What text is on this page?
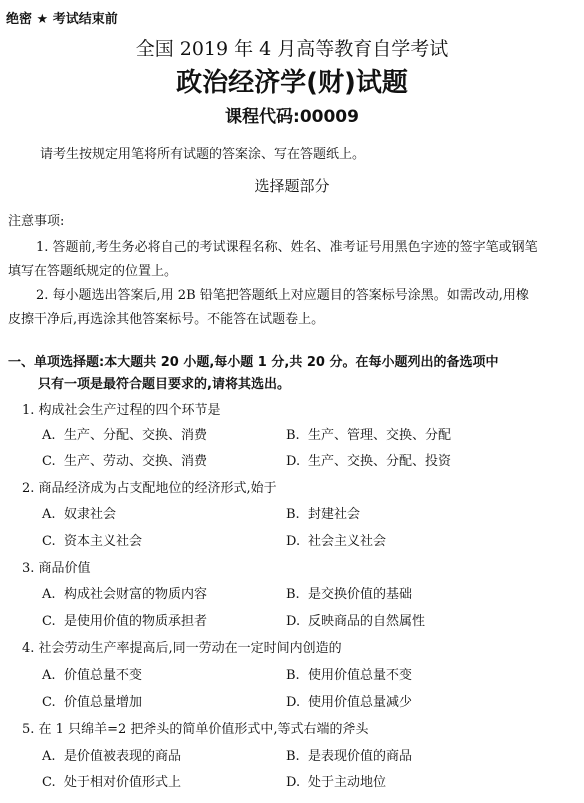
绝密 ★ 考试结束前
全国 2019 年 4 月高等教育自学考试
政治经济学(财)试题
课程代码:00009
请考生按规定用笔将所有试题的答案涂、写在答题纸上。
选择题部分
注意事项:
1. 答题前,考生务必将自己的考试课程名称、姓名、准考证号用黑色字迹的签字笔或钢笔
填写在答题纸规定的位置上。
2. 每小题选出答案后,用 2B 铅笔把答题纸上对应题目的答案标号涂黑。如需改动,用橡
皮擦干净后,再选涂其他答案标号。不能答在试题卷上。
一、单项选择题:本大题共 20 小题,每小题 1 分,共 20 分。在每小题列出的备选项中
只有一项是最符合题目要求的,请将其选出。
1. 构成社会生产过程的四个环节是
A. 生产、分配、交换、消费	B. 生产、管理、交换、分配
C. 生产、劳动、交换、消费	D. 生产、交换、分配、投资
2. 商品经济成为占支配地位的经济形式,始于
A. 奴隶社会	B. 封建社会
C. 资本主义社会	D. 社会主义社会
3. 商品价值
A. 构成社会财富的物质内容	B. 是交换价值的基础
C. 是使用价值的物质承担者	D. 反映商品的自然属性
4. 社会劳动生产率提高后,同一劳动在一定时间内创造的
A. 价值总量不变	B. 使用价值总量不变
C. 价值总量增加	D. 使用价值总量减少
5. 在 1 只绵羊=2 把斧头的简单价值形式中,等式右端的斧头
A. 是价值被表现的商品	B. 是表现价值的商品
C. 处于相对价值形式上	D. 处于主动地位
